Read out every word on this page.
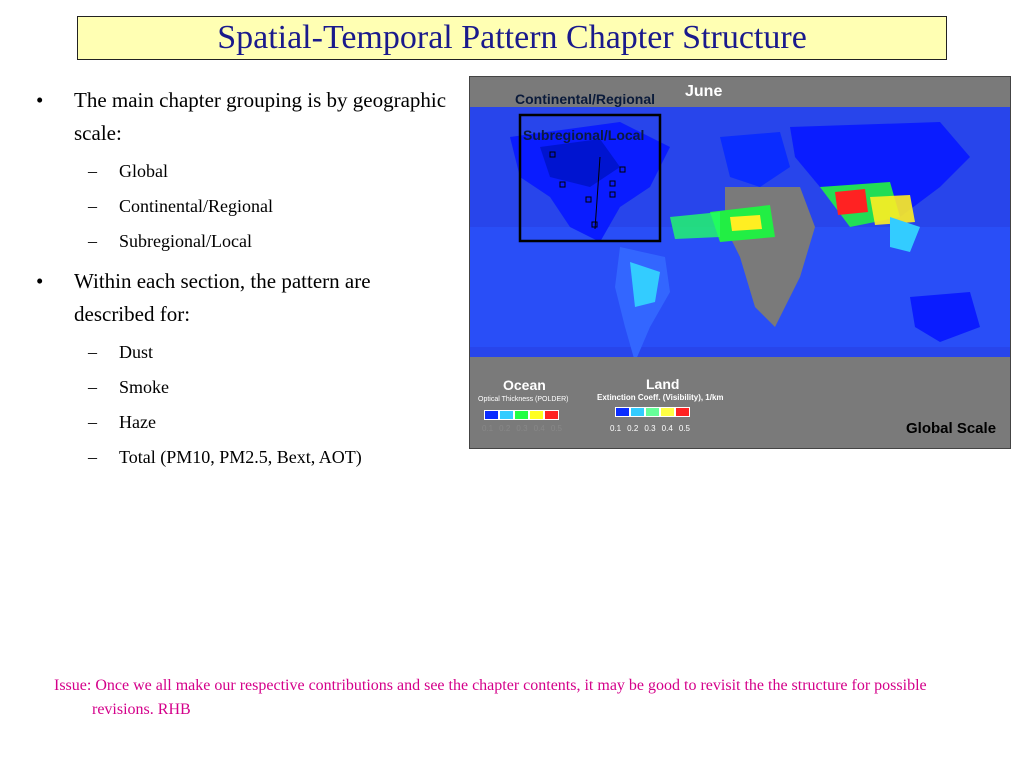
Spatial-Temporal Pattern Chapter Structure
• The main chapter grouping is by geographic scale:
– Global
– Continental/Regional
– Subregional/Local
• Within each section, the pattern are described for:
– Dust
– Smoke
– Haze
– Total (PM10, PM2.5, Bext, AOT)
June
Continental/Regional
Subregional/Local
Ocean
Optical Thickness (POLDER)
0.1 0.2 0.3 0.4 0.5
Land
Extinction Coeff. (Visibility), 1/km
0.1 0.2 0.3 0.4 0.5	Global Scale
Issue: Once we all make our respective contributions and see the chapter contents, it may be good to revisit the the structure for possible revisions. RHB
